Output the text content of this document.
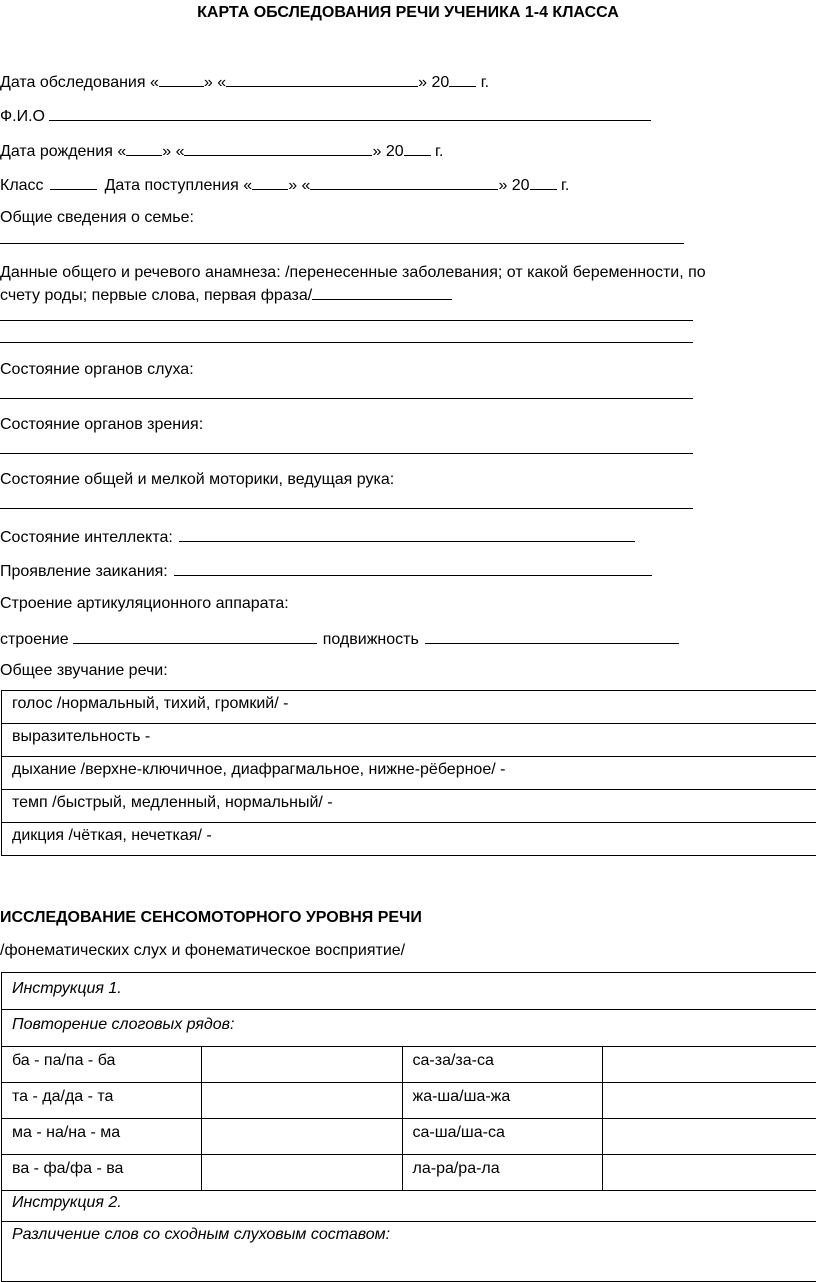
КАРТА ОБСЛЕДОВАНИЯ РЕЧИ УЧЕНИКА 1-4 КЛАССА
Дата обследования «	» «	» 20 г.
Ф.И.О
Дата рождения « » «	» 20 г.
Класс	Дата поступления « » «	» 20 г.
Общие сведения о семье:
Данные общего и речевого анамнеза: /перенесенные заболевания; от какой беременности, по
счету роды; первые слова, первая фраза/
Состояние органов слуха:
Состояние органов зрения:
Состояние общей и мелкой моторики, ведущая рука:
Состояние интеллекта:
Проявление заикания:
Строение артикуляционного аппарата:
строение	подвижность
Общее звучание речи:
голос /нормальный, тихий, громкий/ -
выразительность -
дыхание /верхне-ключичное, диафрагмальное, нижне-рёберное/ -
темп /быстрый, медленный, нормальный/ -
дикция /чёткая, нечеткая/ -
ИССЛЕДОВАНИЕ СЕНСОМОТОРНОГО УРОВНЯ РЕЧИ
/фонематических слух и фонематическое восприятие/
Инструкция 1.			
Повторение слоговых рядов:			
ба - па/па - ба		са-за/за-са	
та - да/да - та		жа-ша/ша-жа	
ма - на/на - ма		са-ша/ша-са	
ва - фа/фа - ва		ла-ра/ра-ла	
Инструкция 2.			
Различение слов со сходным слуховым составом:			
